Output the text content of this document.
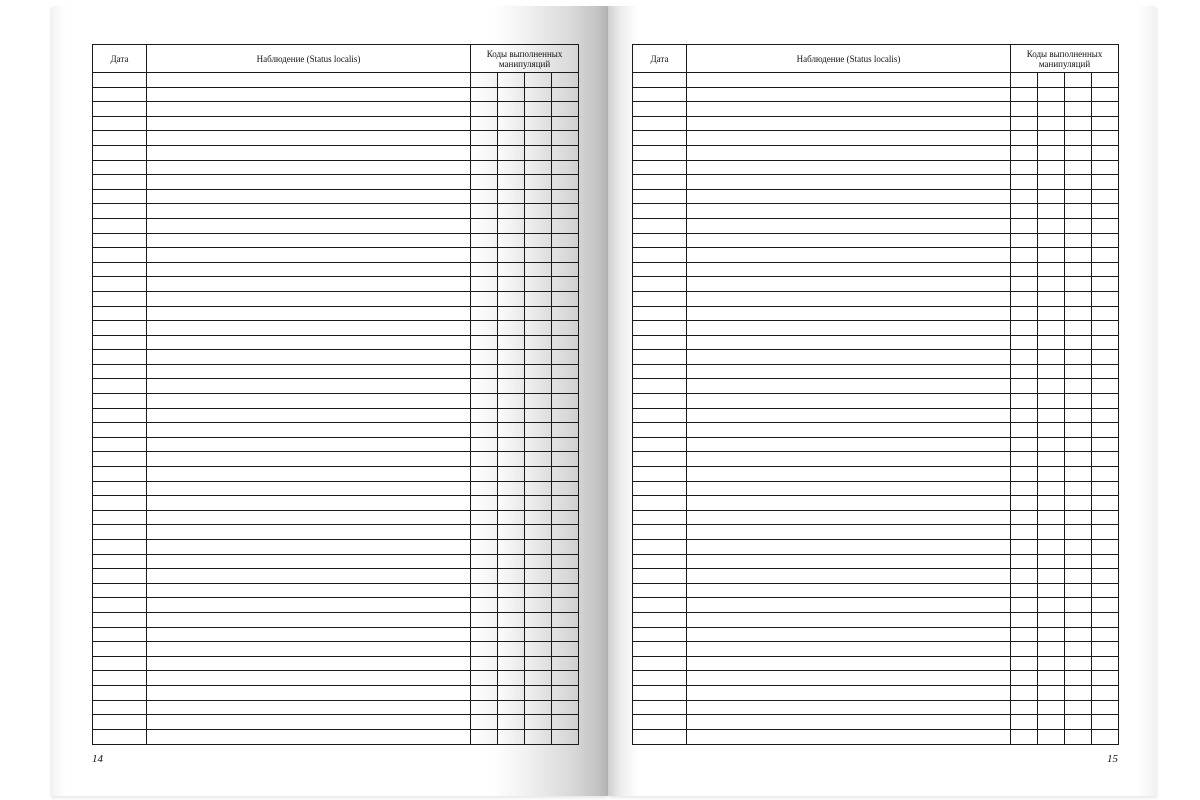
Дата	Наблюдение (Status localis)	Коды выполненных
манипуляций			

14
Дата	Наблюдение (Status localis)	Коды выполненных
манипуляций			

15
